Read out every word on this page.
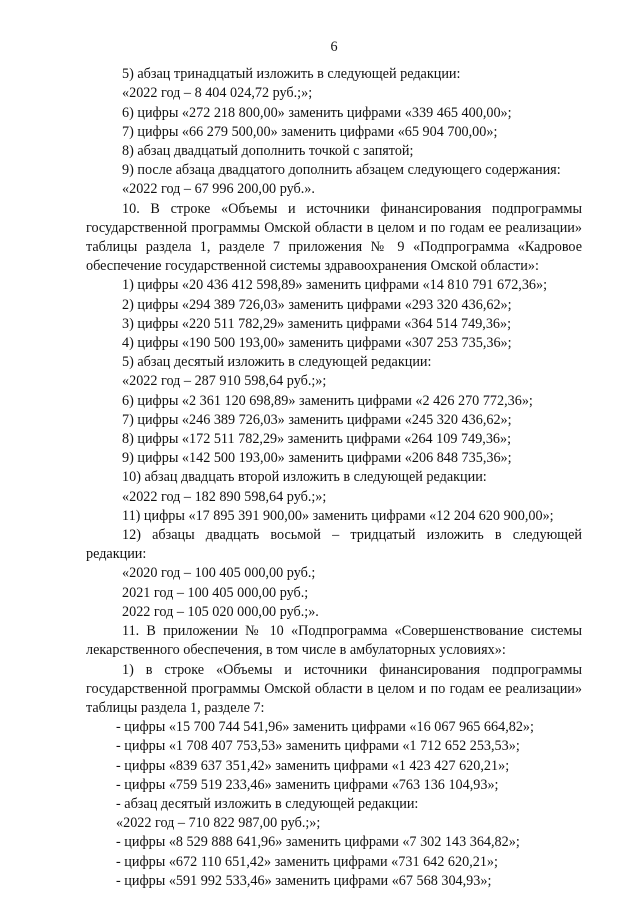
6

5) абзац тринадцатый изложить в следующей редакции:

«2022 год – 8 404 024,72 руб.;»;

6) цифры «272 218 800,00» заменить цифрами «339 465 400,00»;

7) цифры «66 279 500,00» заменить цифрами «65 904 700,00»;

8) абзац двадцатый дополнить точкой с запятой;

9) после абзаца двадцатого дополнить абзацем следующего содержания:

«2022 год – 67 996 200,00 руб.».

10. В строке «Объемы и источники финансирования подпрограммы государственной программы Омской области в целом и по годам ее реализации» таблицы раздела 1, разделе 7 приложения № 9 «Подпрограмма «Кадровое обеспечение государственной системы здравоохранения Омской области»:

1) цифры «20 436 412 598,89» заменить цифрами «14 810 791 672,36»;

2) цифры «294 389 726,03» заменить цифрами «293 320 436,62»;

3) цифры «220 511 782,29» заменить цифрами «364 514 749,36»;

4) цифры «190 500 193,00» заменить цифрами «307 253 735,36»;

5) абзац десятый изложить в следующей редакции:

«2022 год – 287 910 598,64 руб.;»;

6) цифры «2 361 120 698,89» заменить цифрами «2 426 270 772,36»;

7) цифры «246 389 726,03» заменить цифрами «245 320 436,62»;

8) цифры «172 511 782,29» заменить цифрами «264 109 749,36»;

9) цифры «142 500 193,00» заменить цифрами «206 848 735,36»;

10) абзац двадцать второй изложить в следующей редакции:

«2022 год – 182 890 598,64 руб.;»;

11) цифры «17 895 391 900,00» заменить цифрами «12 204 620 900,00»;

12) абзацы двадцать восьмой – тридцатый изложить в следующей редакции:

«2020 год – 100 405 000,00 руб.;

2021 год – 100 405 000,00 руб.;

2022 год – 105 020 000,00 руб.;».

11. В приложении № 10 «Подпрограмма «Совершенствование системы лекарственного обеспечения, в том числе в амбулаторных условиях»:

1) в строке «Объемы и источники финансирования подпрограммы государственной программы Омской области в целом и по годам ее реализации» таблицы раздела 1, разделе 7:

- цифры «15 700 744 541,96» заменить цифрами «16 067 965 664,82»;

- цифры «1 708 407 753,53» заменить цифрами «1 712 652 253,53»;

- цифры «839 637 351,42» заменить цифрами «1 423 427 620,21»;

- цифры «759 519 233,46» заменить цифрами «763 136 104,93»;

- абзац десятый изложить в следующей редакции:

«2022 год – 710 822 987,00 руб.;»;

- цифры «8 529 888 641,96» заменить цифрами «7 302 143 364,82»;

- цифры «672 110 651,42» заменить цифрами «731 642 620,21»;

- цифры «591 992 533,46» заменить цифрами «67 568 304,93»;
